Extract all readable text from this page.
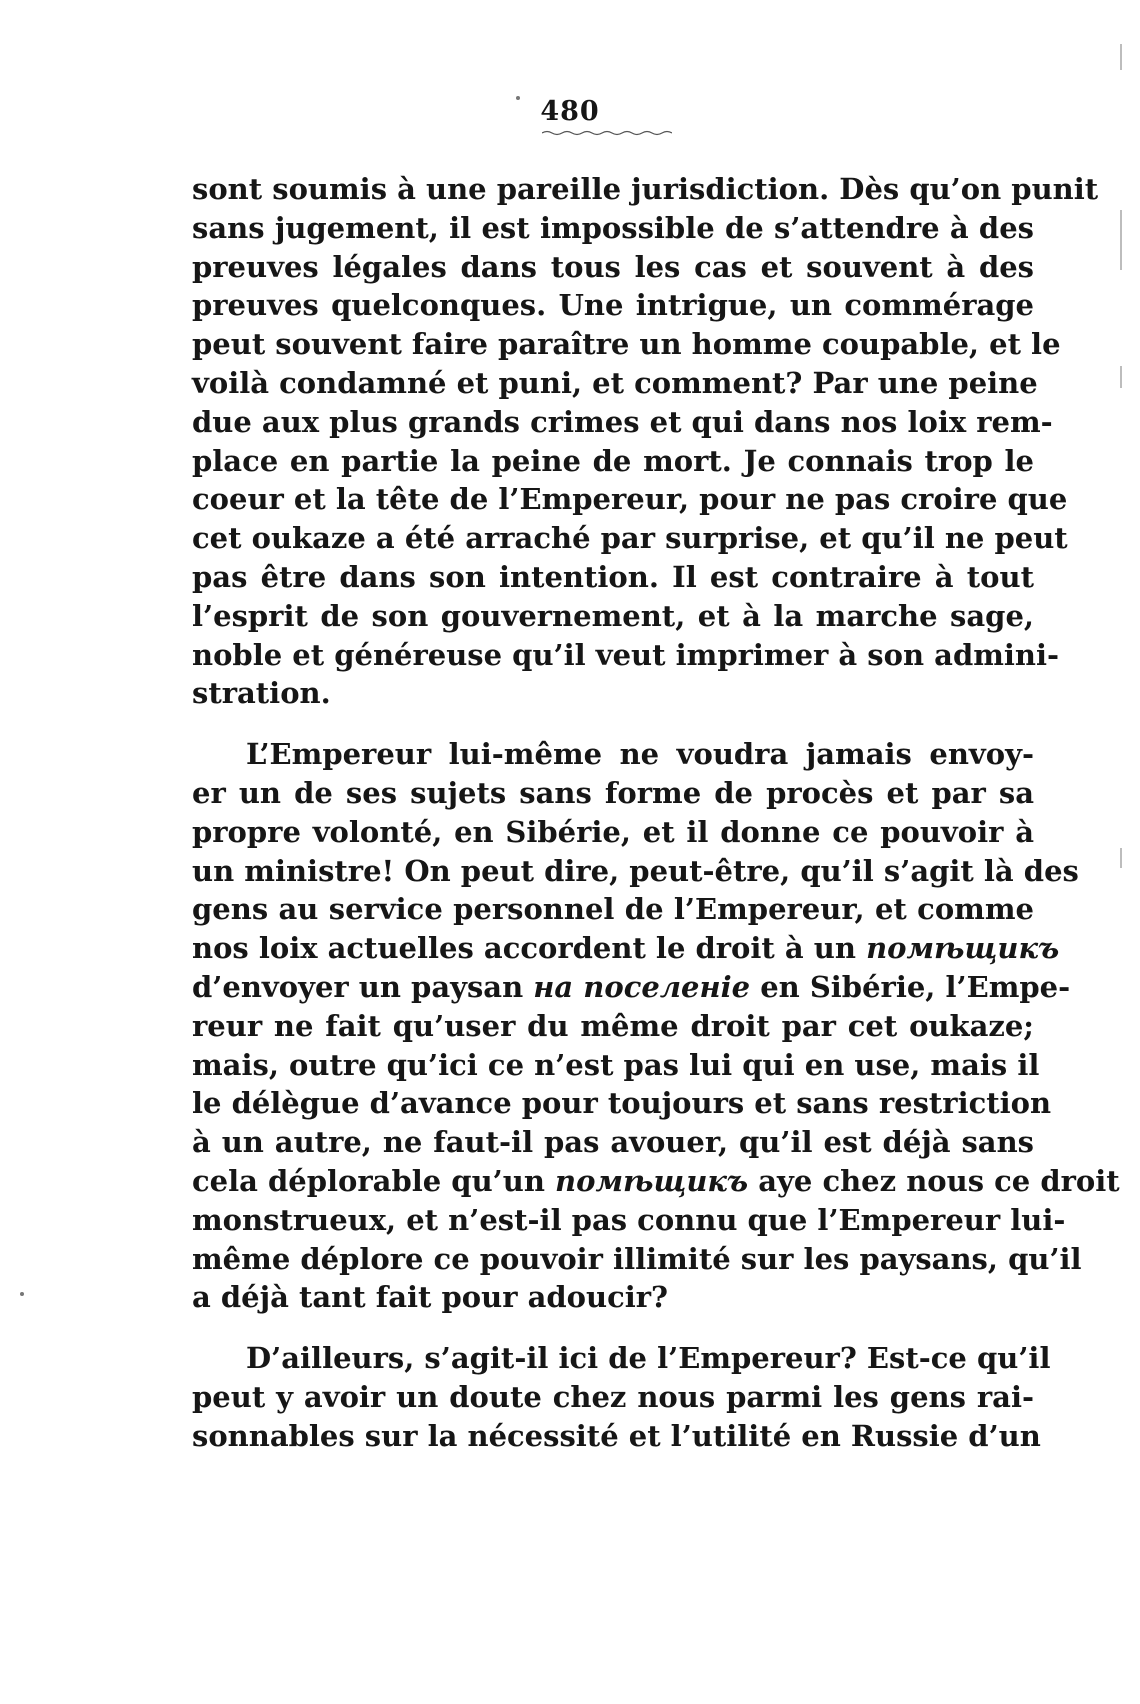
480
sont soumis à une pareille jurisdiction. Dès qu’on punit
sans jugement, il est impossible de s’attendre à des
preuves légales dans tous les cas et souvent à des
preuves quelconques. Une intrigue, un commérage
peut souvent faire paraître un homme coupable, et le
voilà condamné et puni, et comment? Par une peine
due aux plus grands crimes et qui dans nos loix rem-
place en partie la peine de mort. Je connais trop le
coeur et la tête de l’Empereur, pour ne pas croire que
cet oukaze a été arraché par surprise, et qu’il ne peut
pas être dans son intention. Il est contraire à tout
l’esprit de son gouvernement, et à la marche sage,
noble et généreuse qu’il veut imprimer à son admini-
stration.
L’Empereur lui-même ne voudra jamais envoy-
er un de ses sujets sans forme de procès et par sa
propre volonté, en Sibérie, et il donne ce pouvoir à
un ministre! On peut dire, peut-être, qu’il s’agit là des
gens au service personnel de l’Empereur, et comme
nos loix actuelles accordent le droit à un помѣщикъ
d’envoyer un paysan на поселеніе en Sibérie, l’Empe-
reur ne fait qu’user du même droit par cet oukaze;
mais, outre qu’ici ce n’est pas lui qui en use, mais il
le délègue d’avance pour toujours et sans restriction
à un autre, ne faut-il pas avouer, qu’il est déjà sans
cela déplorable qu’un помѣщикъ aye chez nous ce droit
monstrueux, et n’est-il pas connu que l’Empereur lui-
même déplore ce pouvoir illimité sur les paysans, qu’il
a déjà tant fait pour adoucir?
D’ailleurs, s’agit-il ici de l’Empereur? Est-ce qu’il
peut y avoir un doute chez nous parmi les gens rai-
sonnables sur la nécessité et l’utilité en Russie d’un
